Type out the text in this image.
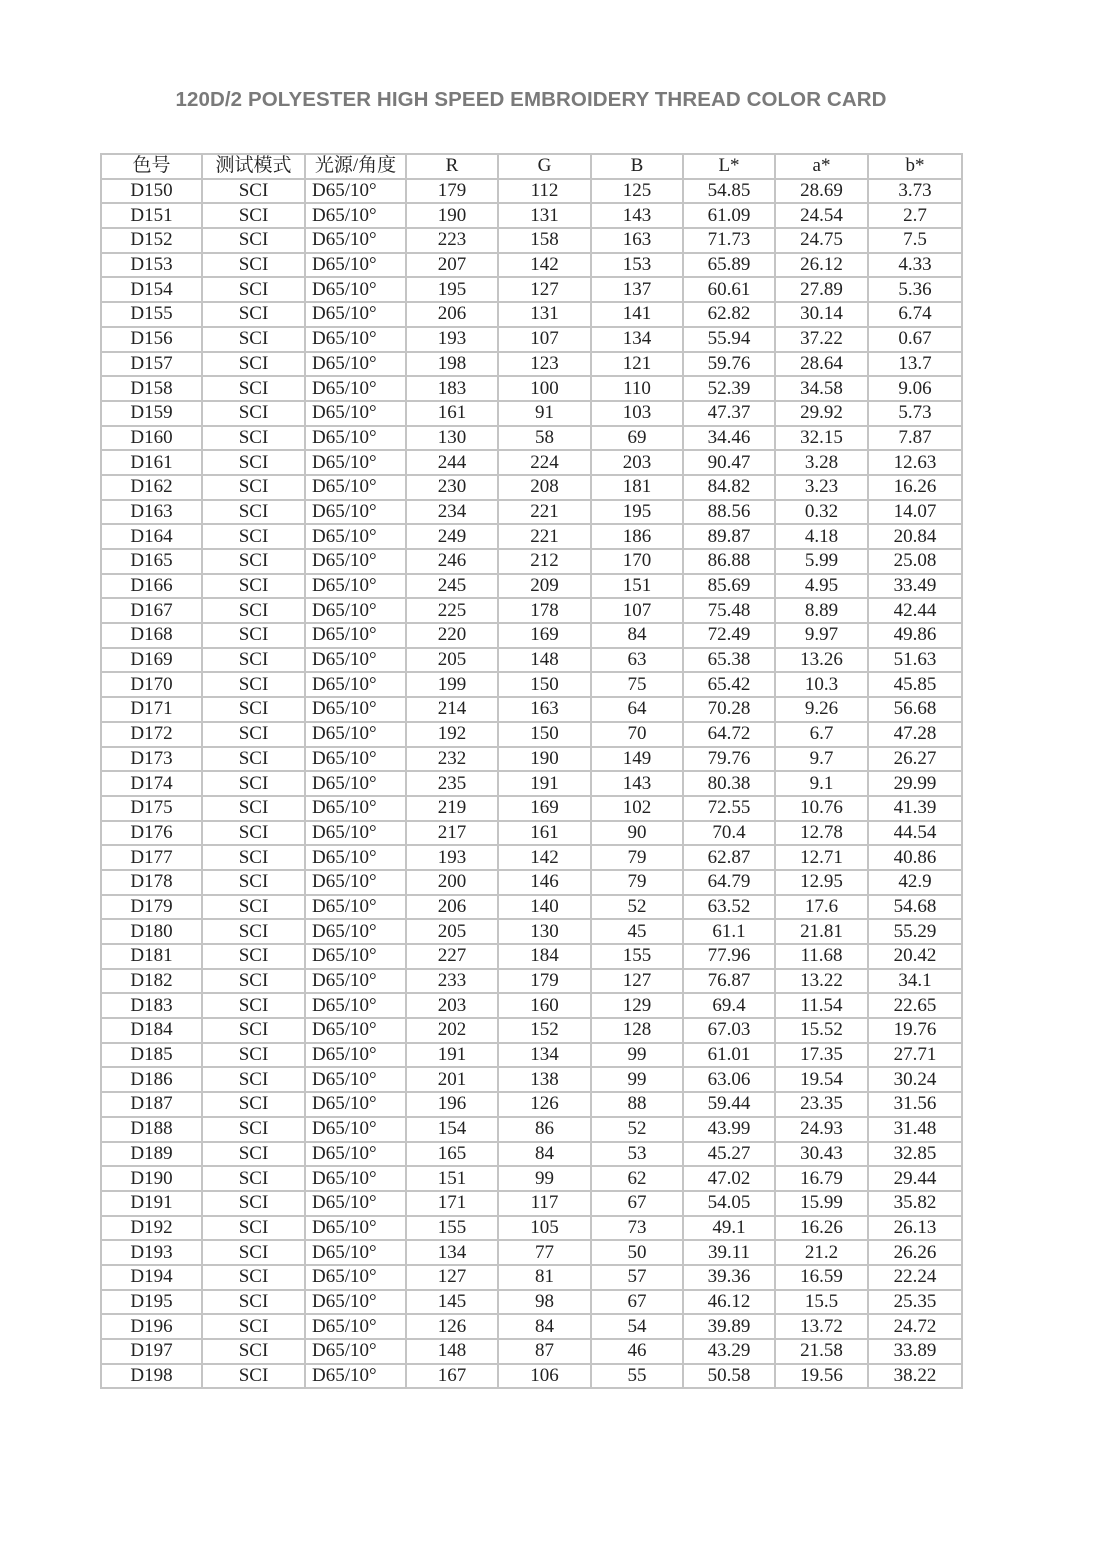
120D/2 POLYESTER HIGH SPEED EMBROIDERY THREAD COLOR CARD
色号	测试模式	光源/角度	R	G	B	L*	a*	b*
D150	SCI	D65/10°	179	112	125	54.85	28.69	3.73
D151	SCI	D65/10°	190	131	143	61.09	24.54	2.7
D152	SCI	D65/10°	223	158	163	71.73	24.75	7.5
D153	SCI	D65/10°	207	142	153	65.89	26.12	4.33
D154	SCI	D65/10°	195	127	137	60.61	27.89	5.36
D155	SCI	D65/10°	206	131	141	62.82	30.14	6.74
D156	SCI	D65/10°	193	107	134	55.94	37.22	0.67
D157	SCI	D65/10°	198	123	121	59.76	28.64	13.7
D158	SCI	D65/10°	183	100	110	52.39	34.58	9.06
D159	SCI	D65/10°	161	91	103	47.37	29.92	5.73
D160	SCI	D65/10°	130	58	69	34.46	32.15	7.87
D161	SCI	D65/10°	244	224	203	90.47	3.28	12.63
D162	SCI	D65/10°	230	208	181	84.82	3.23	16.26
D163	SCI	D65/10°	234	221	195	88.56	0.32	14.07
D164	SCI	D65/10°	249	221	186	89.87	4.18	20.84
D165	SCI	D65/10°	246	212	170	86.88	5.99	25.08
D166	SCI	D65/10°	245	209	151	85.69	4.95	33.49
D167	SCI	D65/10°	225	178	107	75.48	8.89	42.44
D168	SCI	D65/10°	220	169	84	72.49	9.97	49.86
D169	SCI	D65/10°	205	148	63	65.38	13.26	51.63
D170	SCI	D65/10°	199	150	75	65.42	10.3	45.85
D171	SCI	D65/10°	214	163	64	70.28	9.26	56.68
D172	SCI	D65/10°	192	150	70	64.72	6.7	47.28
D173	SCI	D65/10°	232	190	149	79.76	9.7	26.27
D174	SCI	D65/10°	235	191	143	80.38	9.1	29.99
D175	SCI	D65/10°	219	169	102	72.55	10.76	41.39
D176	SCI	D65/10°	217	161	90	70.4	12.78	44.54
D177	SCI	D65/10°	193	142	79	62.87	12.71	40.86
D178	SCI	D65/10°	200	146	79	64.79	12.95	42.9
D179	SCI	D65/10°	206	140	52	63.52	17.6	54.68
D180	SCI	D65/10°	205	130	45	61.1	21.81	55.29
D181	SCI	D65/10°	227	184	155	77.96	11.68	20.42
D182	SCI	D65/10°	233	179	127	76.87	13.22	34.1
D183	SCI	D65/10°	203	160	129	69.4	11.54	22.65
D184	SCI	D65/10°	202	152	128	67.03	15.52	19.76
D185	SCI	D65/10°	191	134	99	61.01	17.35	27.71
D186	SCI	D65/10°	201	138	99	63.06	19.54	30.24
D187	SCI	D65/10°	196	126	88	59.44	23.35	31.56
D188	SCI	D65/10°	154	86	52	43.99	24.93	31.48
D189	SCI	D65/10°	165	84	53	45.27	30.43	32.85
D190	SCI	D65/10°	151	99	62	47.02	16.79	29.44
D191	SCI	D65/10°	171	117	67	54.05	15.99	35.82
D192	SCI	D65/10°	155	105	73	49.1	16.26	26.13
D193	SCI	D65/10°	134	77	50	39.11	21.2	26.26
D194	SCI	D65/10°	127	81	57	39.36	16.59	22.24
D195	SCI	D65/10°	145	98	67	46.12	15.5	25.35
D196	SCI	D65/10°	126	84	54	39.89	13.72	24.72
D197	SCI	D65/10°	148	87	46	43.29	21.58	33.89
D198	SCI	D65/10°	167	106	55	50.58	19.56	38.22
